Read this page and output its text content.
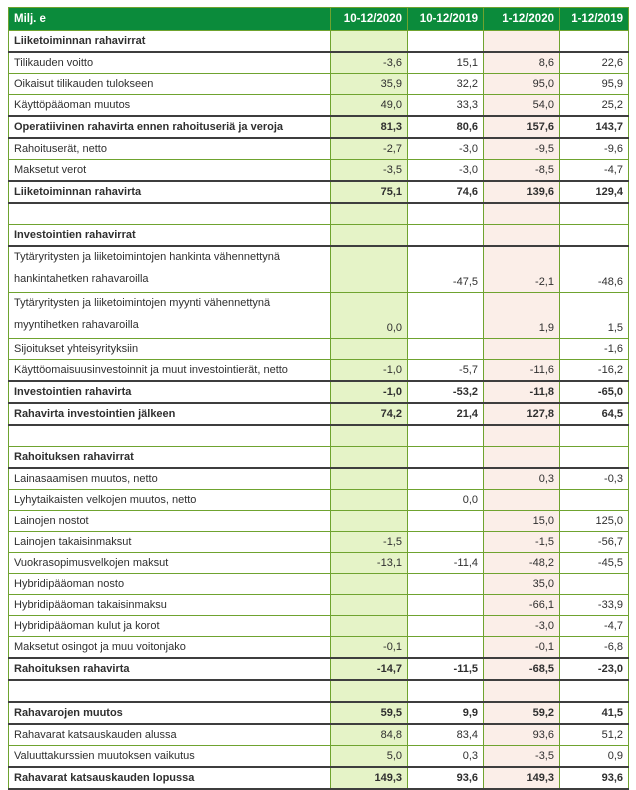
Milj. e	10-12/2020	10-12/2019	1-12/2020	1-12/2019
Liiketoiminnan rahavirrat				
Tilikauden voitto	-3,6	15,1	8,6	22,6
Oikaisut tilikauden tulokseen	35,9	32,2	95,0	95,9
Käyttöpääoman muutos	49,0	33,3	54,0	25,2
Operatiivinen rahavirta ennen rahoituseriä ja veroja	81,3	80,6	157,6	143,7
Rahoituserät, netto	-2,7	-3,0	-9,5	-9,6
Maksetut verot	-3,5	-3,0	-8,5	-4,7
Liiketoiminnan rahavirta	75,1	74,6	139,6	129,4

Investointien rahavirrat				

Tytäryritysten ja liiketoimintojen hankinta vähennettynä
hankintahetken rahavaroilla		-47,5	-2,1	-48,6

Tytäryritysten ja liiketoimintojen myynti vähennettynä
myyntihetken rahavaroilla	0,0		1,9	1,5
Sijoitukset yhteisyrityksiin				-1,6
Käyttöomaisuusinvestoinnit ja muut investointierät, netto	-1,0	-5,7	-11,6	-16,2
Investointien rahavirta	-1,0	-53,2	-11,8	-65,0
Rahavirta investointien jälkeen	74,2	21,4	127,8	64,5

Rahoituksen rahavirrat				
Lainasaamisen muutos, netto			0,3	-0,3
Lyhytaikaisten velkojen muutos, netto		0,0		
Lainojen nostot			15,0	125,0
Lainojen takaisinmaksut	-1,5		-1,5	-56,7
Vuokrasopimusvelkojen maksut	-13,1	-11,4	-48,2	-45,5
Hybridipääoman nosto			35,0	
Hybridipääoman takaisinmaksu			-66,1	-33,9
Hybridipääoman kulut ja korot			-3,0	-4,7
Maksetut osingot ja muu voitonjako	-0,1		-0,1	-6,8
Rahoituksen rahavirta	-14,7	-11,5	-68,5	-23,0

Rahavarojen muutos	59,5	9,9	59,2	41,5
Rahavarat katsauskauden alussa	84,8	83,4	93,6	51,2
Valuuttakurssien muutoksen vaikutus	5,0	0,3	-3,5	0,9
Rahavarat katsauskauden lopussa	149,3	93,6	149,3	93,6
